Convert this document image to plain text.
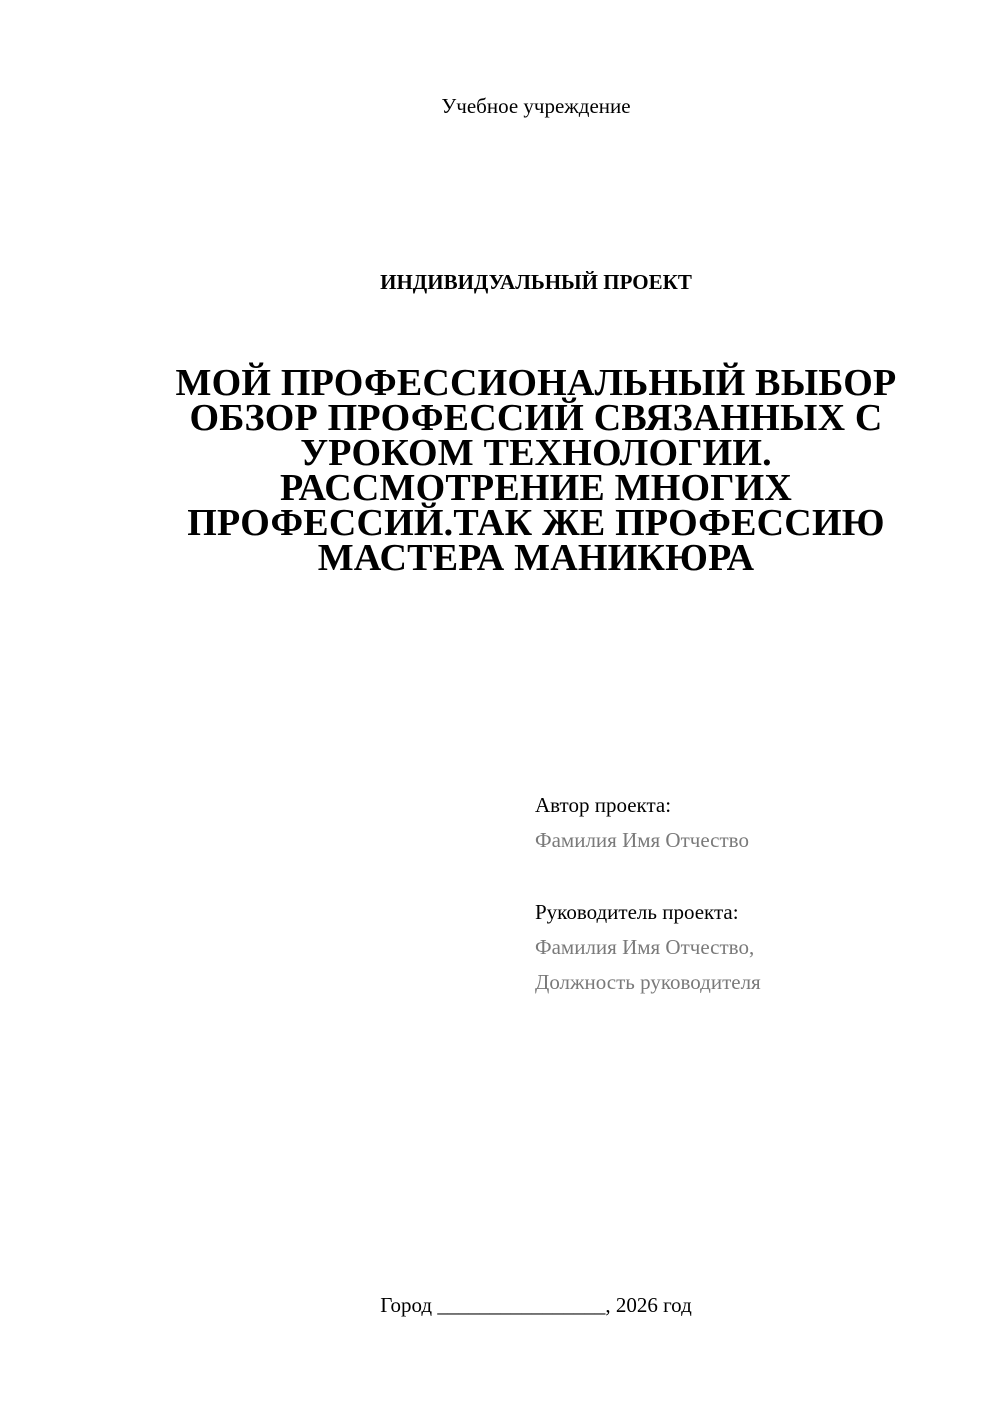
Учебное учреждение
ИНДИВИДУАЛЬНЫЙ ПРОЕКТ
МОЙ ПРОФЕССИОНАЛЬНЫЙ ВЫБОР
ОБЗОР ПРОФЕССИЙ СВЯЗАННЫХ С
УРОКОМ ТЕХНОЛОГИИ.
РАССМОТРЕНИЕ МНОГИХ
ПРОФЕССИЙ.ТАК ЖЕ ПРОФЕССИЮ
МАСТЕРА МАНИКЮРА
Автор проекта:
Фамилия Имя Отчество
Руководитель проекта:
Фамилия Имя Отчество,
Должность руководителя
Город ________________, 2026 год
